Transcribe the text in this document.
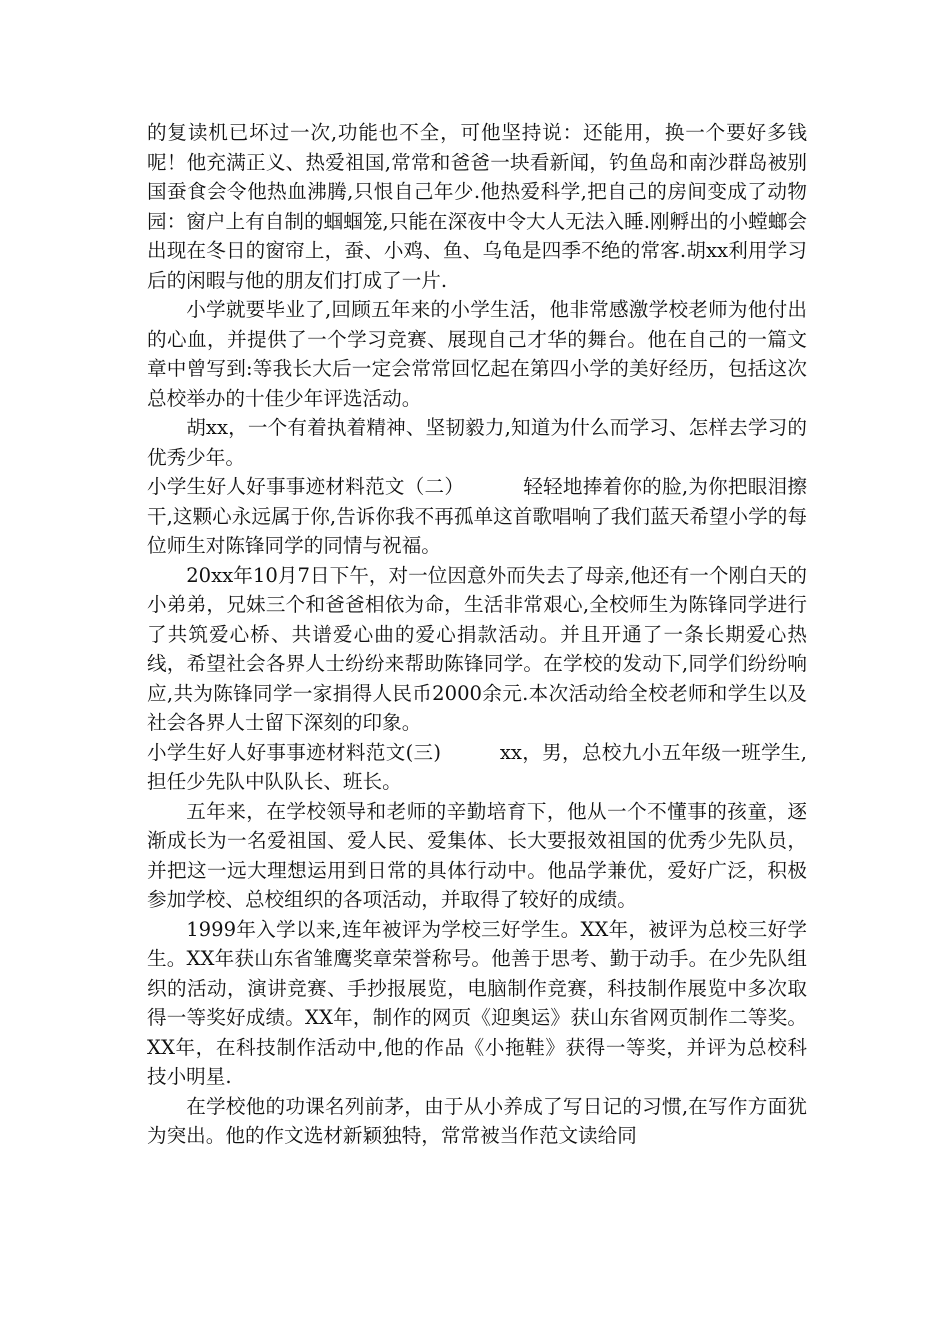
的复读机已坏过一次,功能也不全，可他坚持说：还能用，换一个要好多钱呢！他充满正义、热爱祖国,常常和爸爸一块看新闻，钓鱼岛和南沙群岛被别国蚕食会令他热血沸腾,只恨自己年少.他热爱科学,把自己的房间变成了动物园：窗户上有自制的蝈蝈笼,只能在深夜中令大人无法入睡.刚孵出的小螳螂会出现在冬日的窗帘上，蚕、小鸡、鱼、乌龟是四季不绝的常客.胡xx利用学习后的闲暇与他的朋友们打成了一片.

小学就要毕业了,回顾五年来的小学生活，他非常感激学校老师为他付出的心血，并提供了一个学习竞赛、展现自己才华的舞台。他在自己的一篇文章中曾写到:等我长大后一定会常常回忆起在第四小学的美好经历，包括这次总校举办的十佳少年评选活动。

胡xx，一个有着执着精神、坚韧毅力,知道为什么而学习、怎样去学习的优秀少年。

小学生好人好事事迹材料范文（二）	轻轻地捧着你的脸,为你把眼泪擦干,这颗心永远属于你,告诉你我不再孤单这首歌唱响了我们蓝天希望小学的每位师生对陈锋同学的同情与祝福。

20xx年10月7日下午，对一位因意外而失去了母亲,他还有一个刚白天的小弟弟，兄妹三个和爸爸相依为命，生活非常艰心,全校师生为陈锋同学进行了共筑爱心桥、共谱爱心曲的爱心捐款活动。并且开通了一条长期爱心热线，希望社会各界人士纷纷来帮助陈锋同学。在学校的发动下,同学们纷纷响应,共为陈锋同学一家捐得人民币2000余元.本次活动给全校老师和学生以及社会各界人士留下深刻的印象。

小学生好人好事事迹材料范文(三)	xx，男，总校九小五年级一班学生,担任少先队中队队长、班长。

五年来，在学校领导和老师的辛勤培育下，他从一个不懂事的孩童，逐渐成长为一名爱祖国、爱人民、爱集体、长大要报效祖国的优秀少先队员，并把这一远大理想运用到日常的具体行动中。他品学兼优，爱好广泛，积极参加学校、总校组织的各项活动，并取得了较好的成绩。

1999年入学以来,连年被评为学校三好学生。XX年，被评为总校三好学生。XX年获山东省雏鹰奖章荣誉称号。他善于思考、勤于动手。在少先队组织的活动，演讲竞赛、手抄报展览，电脑制作竞赛，科技制作展览中多次取得一等奖好成绩。XX年，制作的网页《迎奥运》获山东省网页制作二等奖。XX年，在科技制作活动中,他的作品《小拖鞋》获得一等奖，并评为总校科技小明星.

在学校他的功课名列前茅，由于从小养成了写日记的习惯,在写作方面犹为突出。他的作文选材新颖独特，常常被当作范文读给同
